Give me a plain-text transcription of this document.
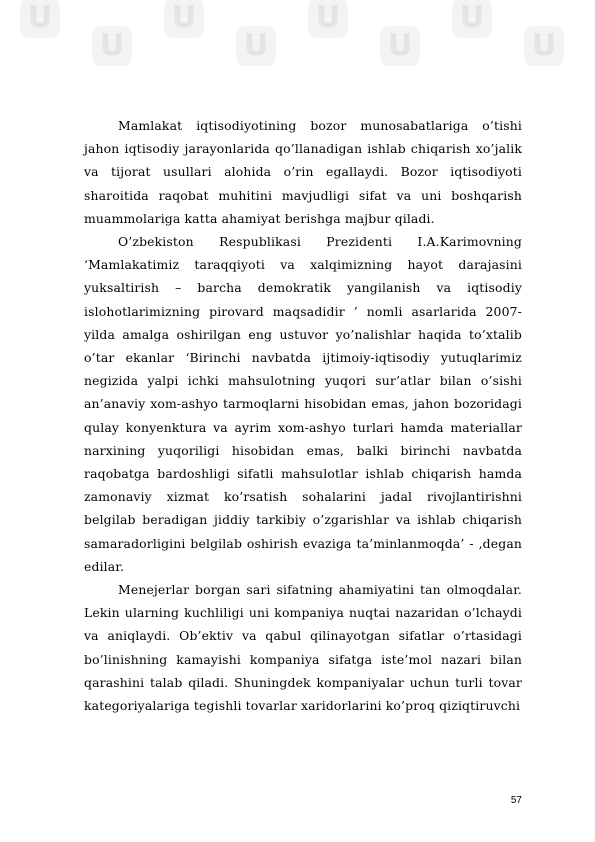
U
U
U
U
U
U
U
U

Mamlakat iqtisodiyotining bozor munosabatlariga o’tishi jahon iqtisodiy jarayonlarida qo’llanadigan ishlab chiqarish xo’jalik va tijorat usullari alohida o’rin egallaydi. Bozor iqtisodiyoti sharoitida raqobat muhitini mavjudligi sifat va uni boshqarish muammolariga katta ahamiyat berishga majbur qiladi.

O’zbekiston Respublikasi Prezidenti I.A.Karimovning ‘Mamlakatimiz taraqqiyoti va xalqimizning hayot darajasini yuksaltirish – barcha demokratik yangilanish va iqtisodiy islohotlarimizning pirovard maqsadidir ’ nomli asarlarida 2007-yilda amalga oshirilgan eng ustuvor yo’nalishlar haqida to’xtalib o’tar ekanlar ‘Birinchi navbatda ijtimoiy-iqtisodiy yutuqlarimiz negizida yalpi ichki mahsulotning yuqori sur’atlar bilan o’sishi an’anaviy xom-ashyo tarmoqlarni hisobidan emas, jahon bozoridagi qulay konyenktura va ayrim xom-ashyo turlari hamda materiallar narxining yuqoriligi hisobidan emas, balki birinchi navbatda raqobatga bardoshligi sifatli mahsulotlar ishlab chiqarish hamda zamonaviy xizmat ko’rsatish sohalarini jadal rivojlantirishni belgilab beradigan jiddiy tarkibiy o’zgarishlar va ishlab chiqarish samaradorligini belgilab oshirish evaziga ta’minlanmoqda’ - ,degan edilar.

Menejerlar borgan sari sifatning ahamiyatini tan olmoqdalar. Lekin ularning kuchliligi uni kompaniya nuqtai nazaridan o’lchaydi va aniqlaydi. Ob’ektiv va qabul qilinayotgan sifatlar o’rtasidagi bo’linishning kamayishi kompaniya sifatga iste’mol nazari bilan qarashini talab qiladi. Shuningdek kompaniyalar uchun turli tovar kategoriyalariga tegishli tovarlar xaridorlarini ko’proq qiziqtiruvchi

57
